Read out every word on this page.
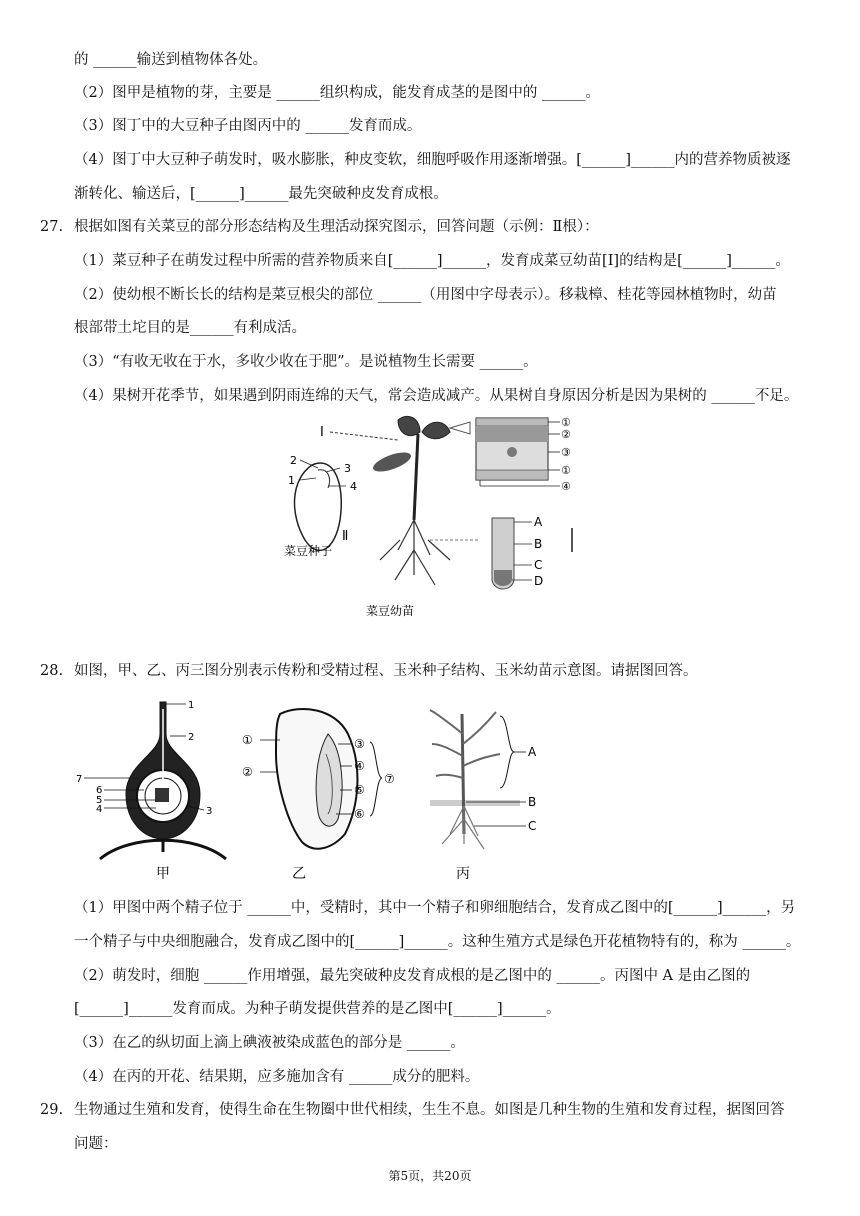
的 ______输送到植物体各处。
（2）图甲是植物的芽，主要是 ______组织构成，能发育成茎的是图中的 ______。
（3）图丁中的大豆种子由图丙中的 ______发育而成。
（4）图丁中大豆种子萌发时，吸水膨胀，种皮变软，细胞呼吸作用逐渐增强。[______]______内的营养物质被逐
渐转化、输送后，[______]______最先突破种皮发育成根。
27. 根据如图有关菜豆的部分形态结构及生理活动探究图示，回答问题（示例：Ⅱ根）：
（1）菜豆种子在萌发过程中所需的营养物质来自[______]______，发育成菜豆幼苗[Ⅰ]的结构是[______]______。
（2）使幼根不断长长的结构是菜豆根尖的部位 ______（用图中字母表示）。移栽樟、桂花等园林植物时，幼苗
根部带土坨目的是______有利成活。
（3）“有收无收在于水，多收少收在于肥”。是说植物生长需要 ______。
（4）果树开花季节，如果遇到阴雨连绵的天气，常会造成减产。从果树自身原因分析是因为果树的 ______不足。
2
1
3
4
菜豆种子
Ⅰ
Ⅱ
菜豆幼苗
①
②
③
①
④
A
B
C
D
28. 如图，甲、乙、丙三图分别表示传粉和受精过程、玉米种子结构、玉米幼苗示意图。请据图回答。
1
2
7
6
5
4	3
甲
①
②
③
④
⑤
⑥
⑦
乙
A
B
C
丙
（1）甲图中两个精子位于 ______中，受精时，其中一个精子和卵细胞结合，发育成乙图中的[______]______，另
一个精子与中央细胞融合，发育成乙图中的[______]______。这种生殖方式是绿色开花植物特有的，称为 ______。
（2）萌发时，细胞 ______作用增强，最先突破种皮发育成根的是乙图中的 ______。丙图中 A 是由乙图的
[______]______发育而成。为种子萌发提供营养的是乙图中[______]______。
（3）在乙的纵切面上滴上碘液被染成蓝色的部分是 ______。
（4）在丙的开花、结果期，应多施加含有 ______成分的肥料。
29. 生物通过生殖和发育，使得生命在生物圈中世代相续，生生不息。如图是几种生物的生殖和发育过程，据图回答
问题：
第5页，共20页
